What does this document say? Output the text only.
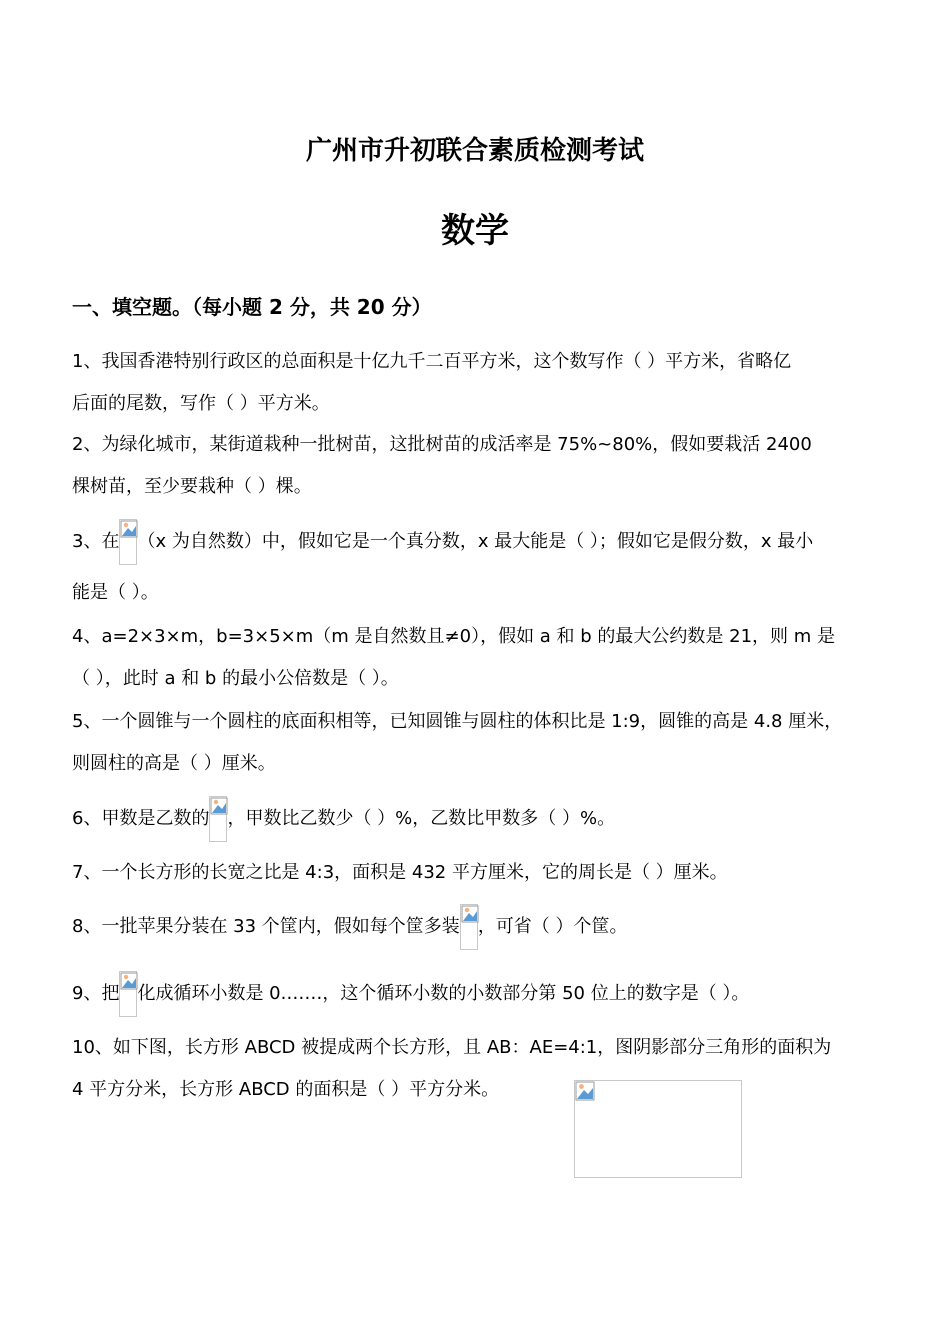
广州市升初联合素质检测考试
数学
一、填空题。（每小题 2 分，共 20 分）
1、我国香港特别行政区的总面积是十亿九千二百平方米，这个数写作（ ）平方米，省略亿
后面的尾数，写作（ ）平方米。
2、为绿化城市，某街道栽种一批树苗，这批树苗的成活率是 75%~80%，假如要栽活 2400
棵树苗，至少要栽种（ ）棵。
3、在 （x 为自然数）中，假如它是一个真分数，x 最大能是（ ）；假如它是假分数，x 最小
能是（ ）。
4、a=2×3×m，b=3×5×m（m 是自然数且≠0），假如 a 和 b 的最大公约数是 21，则 m 是
（ ），此时 a 和 b 的最小公倍数是（ ）。
5、一个圆锥与一个圆柱的底面积相等，已知圆锥与圆柱的体积比是 1:9，圆锥的高是 4.8 厘米，
则圆柱的高是（ ）厘米。
6、甲数是乙数的 ，甲数比乙数少（ ）%，乙数比甲数多（ ）%。
7、一个长方形的长宽之比是 4:3，面积是 432 平方厘米，它的周长是（ ）厘米。
8、一批苹果分装在 33 个筐内，假如每个筐多装 ，可省（ ）个筐。
9、把 化成循环小数是 0.……，这个循环小数的小数部分第 50 位上的数字是（ ）。
10、如下图，长方形 ABCD 被提成两个长方形，且 AB：AE=4:1，图阴影部分三角形的面积为
4 平方分米，长方形 ABCD 的面积是（ ）平方分米。
